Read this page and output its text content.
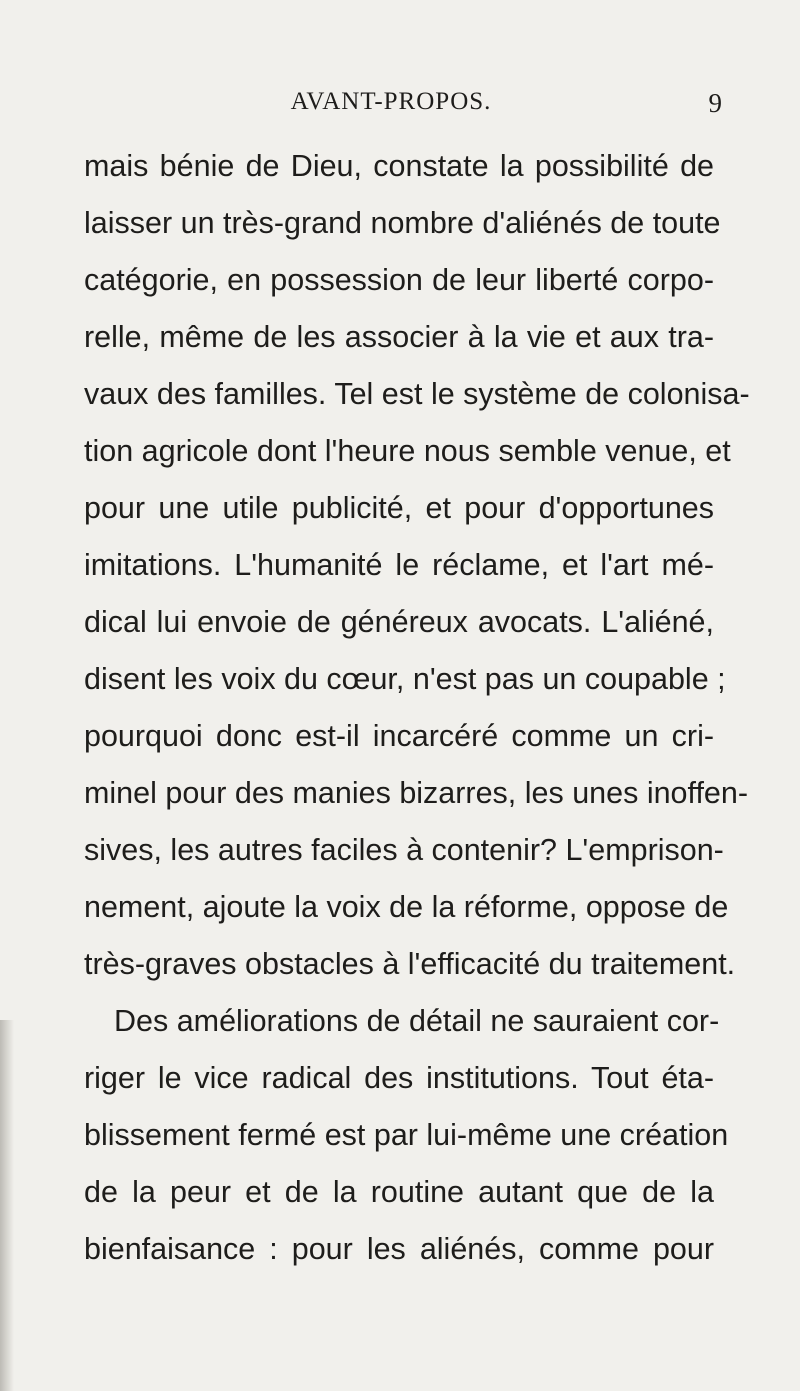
AVANT-PROPOS.	9
mais bénie de Dieu, constate la possibilité de
laisser un très-grand nombre d'aliénés de toute
catégorie, en possession de leur liberté corpo-
relle, même de les associer à la vie et aux tra-
vaux des familles. Tel est le système de colonisa-
tion agricole dont l'heure nous semble venue, et
pour une utile publicité, et pour d'opportunes
imitations. L'humanité le réclame, et l'art mé-
dical lui envoie de généreux avocats. L'aliéné,
disent les voix du cœur, n'est pas un coupable ;
pourquoi donc est-il incarcéré comme un cri-
minel pour des manies bizarres, les unes inoffen-
sives, les autres faciles à contenir? L'emprison-
nement, ajoute la voix de la réforme, oppose de
très-graves obstacles à l'efficacité du traitement.
Des améliorations de détail ne sauraient cor-
riger le vice radical des institutions. Tout éta-
blissement fermé est par lui-même une création
de la peur et de la routine autant que de la
bienfaisance : pour les aliénés, comme pour
